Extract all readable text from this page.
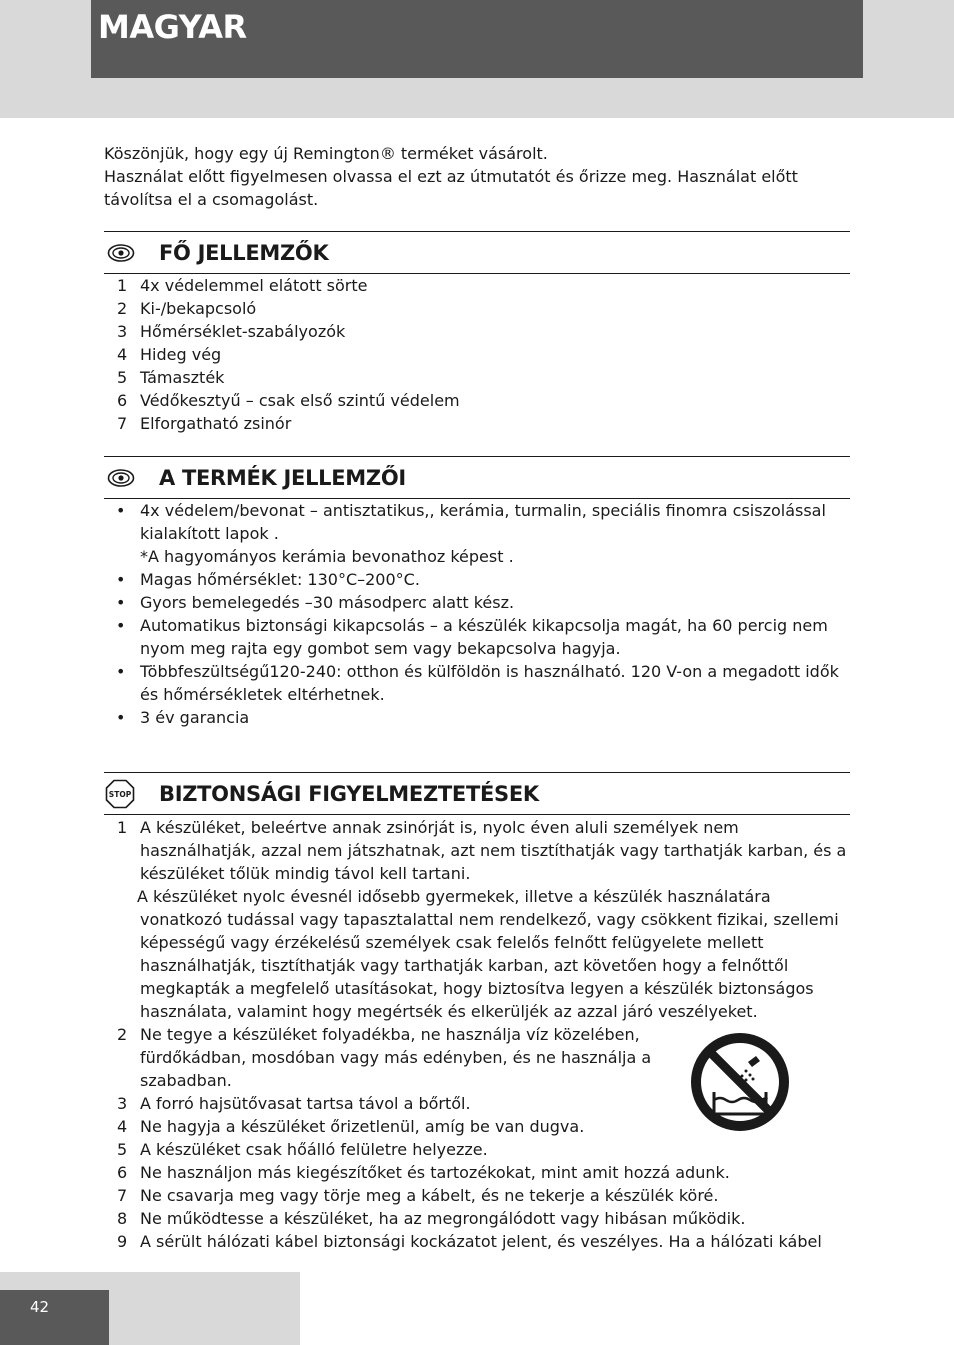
MAGYAR

Köszönjük, hogy egy új Remington® terméket vásárolt.

Használat előtt figyelmesen olvassa el ezt az útmutatót és őrizze meg. Használat előtt távolítsa el a csomagolást.

FŐ JELLEMZŐK
1 4x védelemmel elátott sörte
2 Ki-/bekapcsoló
3 Hőmérséklet-szabályozók
4 Hideg vég
5 Támaszték
6 Védőkesztyű – csak első szintű védelem
7 Elforgatható zsinór
A TERMÉK JELLEMZŐI
• 4x védelem/bevonat – antisztatikus,, kerámia, turmalin, speciális finomra csiszolással kialakított lapok .
*A hagyományos kerámia bevonathoz képest .
• Magas hőmérséklet: 130°C–200°C.
• Gyors bemelegedés –30 másodperc alatt kész.
• Automatikus biztonsági kikapcsolás – a készülék kikapcsolja magát, ha 60 percig nem nyom meg rajta egy gombot sem vagy bekapcsolva hagyja.
• Többfeszültségű120-240: otthon és külföldön is használható. 120 V-on a megadott idők és hőmérsékletek eltérhetnek.
• 3 év garancia
STOP BIZTONSÁGI FIGYELMEZTETÉSEK
1 A készüléket, beleértve annak zsinórját is, nyolc éven aluli személyek nem használhatják, azzal nem játszhatnak, azt nem tisztíthatják vagy tarthatják karban, és a készüléket tőlük mindig távol kell tartani.
A készüléket nyolc évesnél idősebb gyermekek, illetve a készülék használatára vonatkozó tudással vagy tapasztalattal nem rendelkező, vagy csökkent fizikai, szellemi képességű vagy érzékelésű személyek csak felelős felnőtt felügyelete mellett használhatják, tisztíthatják vagy tarthatják karban, azt követően hogy a felnőttől megkapták a megfelelő utasításokat, hogy biztosítva legyen a készülék biztonságos használata, valamint hogy megértsék és elkerüljék az azzal járó veszélyeket.
2 Ne tegye a készüléket folyadékba, ne használja víz közelében, fürdőkádban, mosdóban vagy más edényben, és ne használja a szabadban.
3 A forró hajsütővasat tartsa távol a bőrtől.
4 Ne hagyja a készüléket őrizetlenül, amíg be van dugva.
5 A készüléket csak hőálló felületre helyezze.
6 Ne használjon más kiegészítőket és tartozékokat, mint amit hozzá adunk.
7 Ne csavarja meg vagy törje meg a kábelt, és ne tekerje a készülék köré.
8 Ne működtesse a készüléket, ha az megrongálódott vagy hibásan működik.
9 A sérült hálózati kábel biztonsági kockázatot jelent, és veszélyes. Ha a hálózati kábel
42
